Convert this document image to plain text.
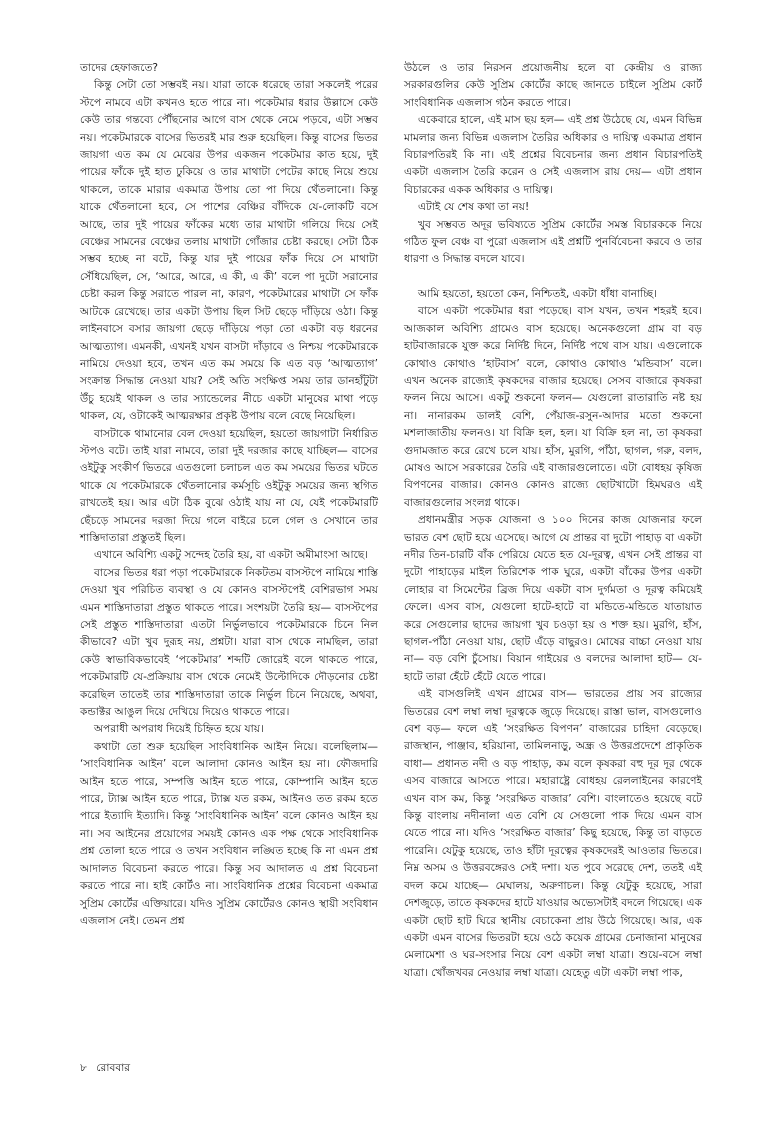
তাদের হেফাজতে?

কিন্তু সেটা তো সম্ভবই নয়। যারা তাকে ধরেছে তারা সকলেই পরের স্টপে নামবে এটা কখনও হতে পারে না। পকেটমার ধরার উল্লাসে কেউ কেউ তার গন্তব্যে পৌঁছনোর আগে বাস থেকে নেমে পড়বে, এটা সম্ভব নয়। পকেটমারকে বাসের ভিতরই মার শুরু হয়েছিল। কিন্তু বাসের ভিতর জায়গা এত কম যে মেঝের উপর একজন পকেটমার কাত হয়ে, দুই পায়ের ফাঁকে দুই হাত ঢুকিয়ে ও তার মাথাটা পেটের কাছে নিয়ে শুয়ে থাকলে, তাকে মারার একমাত্র উপায় তো পা দিয়ে থেঁতলানো। কিন্তু যাকে থেঁতলানো হবে, সে পাশের বেঞ্চির বাঁদিকে যে-লোকটি বসে আছে, তার দুই পায়ের ফাঁকের মধ্যে তার মাথাটা গলিয়ে দিয়ে সেই বেঞ্চের সামনের বেঞ্চের তলায় মাথাটা গোঁজার চেষ্টা করছে। সেটা ঠিক সম্ভব হচ্ছে না বটে, কিন্তু যার দুই পায়ের ফাঁক দিয়ে সে মাথাটা সেঁধিয়েছিল, সে, ‘আরে, আরে, এ কী, এ কী’ বলে পা দুটো সরানোর চেষ্টা করল কিন্তু সরাতে পারল না, কারণ, পকেটমারের মাথাটা সে ফাঁক আটকে রেখেছে। তার একটা উপায় ছিল সিট ছেড়ে দাঁড়িয়ে ওঠা। কিন্তু লাইনবাসে বসার জায়গা ছেড়ে দাঁড়িয়ে পড়া তো একটা বড় ধরনের আত্মত্যাগ। এমনকী, এখনই যখন বাসটা দাঁড়াবে ও নিশ্চয় পকেটমারকে নামিয়ে দেওয়া হবে, তখন এত কম সময়ে কি এত বড় ‘আত্মত্যাগ’ সংক্রান্ত সিদ্ধান্ত নেওয়া যায়? সেই অতি সংক্ষিপ্ত সময় তার ডানহাঁটুটা উঁচু হয়েই থাকল ও তার স্যান্ডেলের নীচে একটা মানুষের মাথা পড়ে থাকল, যে, ওটাকেই আত্মরক্ষার প্রকৃষ্ট উপায় বলে বেছে নিয়েছিল।

বাসটাকে থামানোর বেল দেওয়া হয়েছিল, হয়তো জায়গাটা নির্ধারিত স্টপও বটে। তাই যারা নামবে, তারা দুই দরজার কাছে যাচ্ছিল— বাসের ওইটুকু সংকীর্ণ ভিতরে এতগুলো চলাচল এত কম সময়ের ভিতর ঘটতে থাকে যে পকেটমারকে থেঁতলানোর কর্মসূচি ওইটুকু সময়ের জন্য স্থগিত রাখতেই হয়। আর এটা ঠিক বুঝে ওঠাই যায় না যে, যেই পকেটমারটি ছেঁচড়ে সামনের দরজা দিয়ে গলে বাইরে চলে গেল ও সেখানে তার শাস্তিদাতারা প্রস্তুতই ছিল।

এখানে অবিশ্যি একটু সন্দেহ তৈরি হয়, বা একটা অমীমাংসা আছে।

বাসের ভিতর ধরা পড়া পকেটমারকে নিকটতম বাসস্টপে নামিয়ে শাস্তি দেওয়া খুব পরিচিত ব্যবস্থা ও যে কোনও বাসস্টপেই বেশিরভাগ সময় এমন শাস্তিদাতারা প্রস্তুত থাকতে পারে। সংশয়টা তৈরি হয়— বাসস্টপের সেই প্রস্তুত শাস্তিদাতারা এতটা নির্ভুলভাবে পকেটমারকে চিনে নিল কীভাবে? এটা খুব দুরূহ নয়, প্রশ্নটা। যারা বাস থেকে নামছিল, তারা কেউ স্বাভাবিকভাবেই ‘পকেটমার’ শব্দটি জোরেই বলে থাকতে পারে, পকেটমারটি যে-প্রক্রিয়ায় বাস থেকে নেমেই উল্টোদিকে দৌড়নোর চেষ্টা করেছিল তাতেই তার শাস্তিদাতারা তাকে নির্ভুল চিনে নিয়েছে, অথবা, কন্ডাক্টর আঙুল দিয়ে দেখিয়ে দিয়েও থাকতে পারে।

অপরাধী অপরাধ দিয়েই চিহ্নিত হয়ে যায়।

কথাটা তো শুরু হয়েছিল সাংবিধানিক আইন নিয়ে। বলেছিলাম— ‘সাংবিধানিক আইন’ বলে আলাদা কোনও আইন হয় না। ফৌজদারি আইন হতে পারে, সম্পত্তি আইন হতে পারে, কোম্পানি আইন হতে পারে, ট্যাক্স আইন হতে পারে, ট্যাক্স যত রকম, আইনও তত রকম হতে পারে ইত্যাদি ইত্যাদি। কিন্তু ‘সাংবিধানিক আইন’ বলে কোনও আইন হয় না। সব আইনের প্রয়োগের সময়ই কোনও এক পক্ষ থেকে সাংবিধানিক প্রশ্ন তোলা হতে পারে ও তখন সংবিধান লঙ্ঘিত হচ্ছে কি না এমন প্রশ্ন আদালত বিবেচনা করতে পারে। কিন্তু সব আদালত এ প্রশ্ন বিবেচনা করতে পারে না। হাই কোর্টও না। সাংবিধানিক প্রশ্নের বিবেচনা একমাত্র সুপ্রিম কোর্টের এক্তিয়ারে। যদিও সুপ্রিম কোর্টেরও কোনও স্থায়ী সংবিধান এজলাস নেই। তেমন প্রশ্ন

উঠলে ও তার নিরসন প্রয়োজনীয় হলে বা কেন্দ্রীয় ও রাজ্য সরকারগুলির কেউ সুপ্রিম কোর্টের কাছে জানতে চাইলে সুপ্রিম কোর্ট সাংবিধানিক এজলাস গঠন করতে পারে।

একেবারে হালে, এই মাস ছয় হল— এই প্রশ্ন উঠেছে যে, এমন বিভিন্ন মামলার জন্য বিভিন্ন এজলাস তৈরির অধিকার ও দায়িত্ব একমাত্র প্রধান বিচারপতিরই কি না। এই প্রশ্নের বিবেচনার জন্য প্রধান বিচারপতিই একটা এজলাস তৈরি করেন ও সেই এজলাস রায় দেয়— এটা প্রধান বিচারকের একক অধিকার ও দায়িত্ব।

এটাই যে শেষ কথা তা নয়!

খুব সম্ভবত অদূর ভবিষ্যতে সুপ্রিম কোর্টের সমস্ত বিচারককে নিয়ে গঠিত ফুল বেঞ্চ বা পুরো এজলাস এই প্রশ্নটি পুনর্বিবেচনা করবে ও তার ধারণা ও সিদ্ধান্ত বদলে যাবে।

আমি হয়তো, হয়তো কেন, নিশ্চিতই, একটা ধাঁধা বানাচ্ছি।

বাসে একটা পকেটমার ধরা পড়েছে। বাস যখন, তখন শহরই হবে। আজকাল অবিশ্যি গ্রামেও বাস হয়েছে। অনেকগুলো গ্রাম বা বড় হাটবাজারকে যুক্ত করে নির্দিষ্ট দিনে, নির্দিষ্ট পথে বাস যায়। এগুলোকে কোথাও কোথাও ‘হাটবাস’ বলে, কোথাও কোথাও ‘মন্ডিবাস’ বলে। এখন অনেক রাজ্যেই কৃষকদের বাজার হয়েছে। সেসব বাজারে কৃষকরা ফলন নিয়ে আসে। একটু শুকনো ফলন— যেগুলো রাতারাতি নষ্ট হয় না। নানারকম ডালই বেশি, পেঁয়াজ-রসুন-আদার মতো শুকনো মশলাজাতীয় ফলনও। যা বিক্রি হল, হল। যা বিক্রি হল না, তা কৃষকরা গুদামজাত করে রেখে চলে যায়। হাঁস, মুরগি, পাঁঠা, ছাগল, গরু, বলদ, মোষও আসে সরকারের তৈরি এই বাজারগুলোতে। এটা বোধহয় কৃষিজ বিপণনের বাজার। কোনও কোনও রাজ্যে ছোটখাটো হিমঘরও এই বাজারগুলোর সংলগ্ন থাকে।

প্রধানমন্ত্রীর সড়ক যোজনা ও ১০০ দিনের কাজ যোজনার ফলে ভারত বেশ ছোট হয়ে এসেছে। আগে যে প্রান্তর বা দুটো পাহাড় বা একটা নদীর তিন-চারটি বাঁক পেরিয়ে যেতে হত যে-দূরত্ব, এখন সেই প্রান্তর বা দুটো পাহাড়ের মাইল তিরিশেক পাক ঘুরে, একটা বাঁকের উপর একটা লোহার বা সিমেন্টের ব্রিজ দিয়ে একটা বাস দুর্গমতা ও দূরত্ব কমিয়েই ফেলে। এসব বাস, যেগুলো হাটে-হাটে বা মন্ডিতে-মন্ডিতে যাতায়াত করে সেগুলোর ছাদের জায়গা খুব চওড়া হয় ও শক্ত হয়। মুরগি, হাঁস, ছাগল-পাঁঠা নেওয়া যায়, ছোট এঁড়ে বাছুরও। মোষের বাচ্চা নেওয়া যায় না— বড় বেশি চুঁসোয়। বিয়ান গাইয়ের ও বলদের আলাদা হাট— যে-হাটে তারা হেঁটে হেঁটে যেতে পারে।

এই বাসগুলিই এখন গ্রামের বাস— ভারতের প্রায় সব রাজ্যের ভিতরের বেশ লম্বা লম্বা দূরত্বকে জুড়ে দিয়েছে। রাস্তা ভাল, বাসগুলোও বেশ বড়— ফলে এই ‘সংরক্ষিত বিপণন’ বাজারের চাহিদা বেড়েছে। রাজস্থান, পাঞ্জাব, হরিয়ানা, তামিলনাড়ু, অন্ধ্র ও উত্তরপ্রদেশে প্রাকৃতিক বাধা— প্রধানত নদী ও বড় পাহাড়, কম বলে কৃষকরা বহু দূর দূর থেকে এসব বাজারে আসতে পারে। মহারাষ্ট্রে বোধহয় রেললাইনের কারণেই এখন বাস কম, কিন্তু ‘সংরক্ষিত বাজার’ বেশি। বাংলাতেও হয়েছে বটে কিন্তু বাংলায় নদীনালা এত বেশি যে সেগুলো পাক দিয়ে এমন বাস যেতে পারে না। যদিও ‘সংরক্ষিত বাজার’ কিছু হয়েছে, কিন্তু তা বাড়তে পারেনি। যেটুকু হয়েছে, তাও হাঁটা দূরত্বের কৃষকদেরই আওতার ভিতরে। নিম্ন অসম ও উত্তরবঙ্গেরও সেই দশা। যত পুবে সরেছে দেশ, ততই এই বদল কমে যাচ্ছে— মেঘালয়, অরুণাচল। কিন্তু যেটুকু হয়েছে, সারা দেশজুড়ে, তাতে কৃষকদের হাটে যাওয়ার অভ্যেসটাই বদলে গিয়েছে। এক একটা ছোট হাট ঘিরে স্থানীয় বেচাকেনা প্রায় উঠে গিয়েছে। আর, এক একটা এমন বাসের ভিতরটা হয়ে ওঠে কয়েক গ্রামের চেনাজানা মানুষের মেলামেশা ও ঘর-সংসার নিয়ে বেশ একটা লম্বা যাত্রা। শুয়ে-বসে লম্বা যাত্রা। খোঁজখবর নেওয়ার লম্বা যাত্রা। যেহেতু এটা একটা লম্বা পাক,

৮ রোববার
